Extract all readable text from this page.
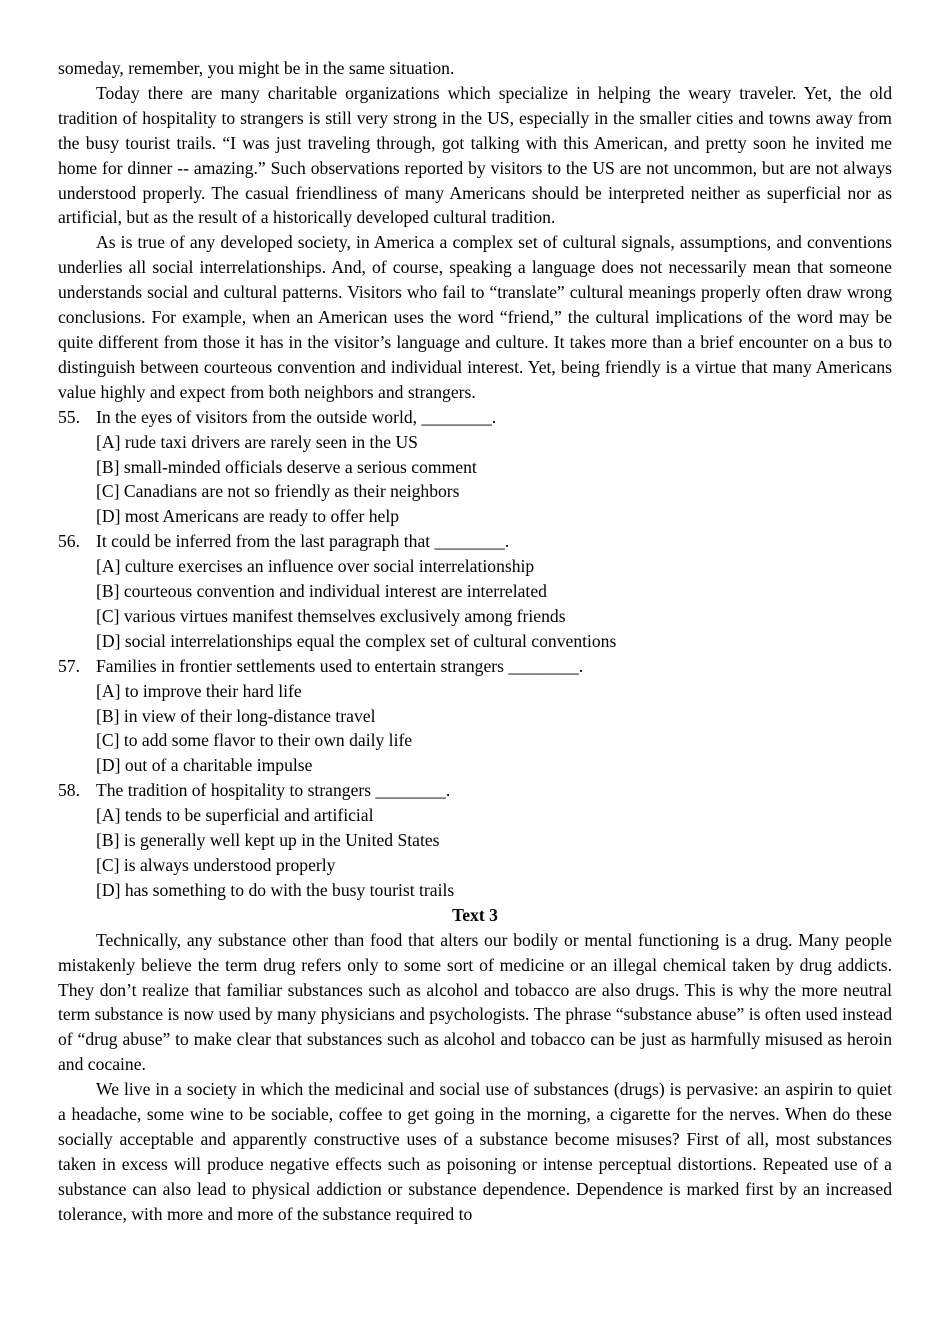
someday, remember, you might be in the same situation.

Today there are many charitable organizations which specialize in helping the weary traveler. Yet, the old tradition of hospitality to strangers is still very strong in the US, especially in the smaller cities and towns away from the busy tourist trails. “I was just traveling through, got talking with this American, and pretty soon he invited me home for dinner -- amazing.” Such observations reported by visitors to the US are not uncommon, but are not always understood properly. The casual friendliness of many Americans should be interpreted neither as superficial nor as artificial, but as the result of a historically developed cultural tradition.

As is true of any developed society, in America a complex set of cultural signals, assumptions, and conventions underlies all social interrelationships. And, of course, speaking a language does not necessarily mean that someone understands social and cultural patterns. Visitors who fail to “translate” cultural meanings properly often draw wrong conclusions. For example, when an American uses the word “friend,” the cultural implications of the word may be quite different from those it has in the visitor’s language and culture. It takes more than a brief encounter on a bus to distinguish between courteous convention and individual interest. Yet, being friendly is a virtue that many Americans value highly and expect from both neighbors and strangers.

55. In the eyes of visitors from the outside world, ________.

[A] rude taxi drivers are rarely seen in the US

[B] small-minded officials deserve a serious comment

[C] Canadians are not so friendly as their neighbors

[D] most Americans are ready to offer help

56. It could be inferred from the last paragraph that ________.

[A] culture exercises an influence over social interrelationship

[B] courteous convention and individual interest are interrelated

[C] various virtues manifest themselves exclusively among friends

[D] social interrelationships equal the complex set of cultural conventions

57. Families in frontier settlements used to entertain strangers ________.

[A] to improve their hard life

[B] in view of their long-distance travel

[C] to add some flavor to their own daily life

[D] out of a charitable impulse

58. The tradition of hospitality to strangers ________.

[A] tends to be superficial and artificial

[B] is generally well kept up in the United States

[C] is always understood properly

[D] has something to do with the busy tourist trails

Text 3

Technically, any substance other than food that alters our bodily or mental functioning is a drug. Many people mistakenly believe the term drug refers only to some sort of medicine or an illegal chemical taken by drug addicts. They don’t realize that familiar substances such as alcohol and tobacco are also drugs. This is why the more neutral term substance is now used by many physicians and psychologists. The phrase “substance abuse” is often used instead of “drug abuse” to make clear that substances such as alcohol and tobacco can be just as harmfully misused as heroin and cocaine.

We live in a society in which the medicinal and social use of substances (drugs) is pervasive: an aspirin to quiet a headache, some wine to be sociable, coffee to get going in the morning, a cigarette for the nerves. When do these socially acceptable and apparently constructive uses of a substance become misuses? First of all, most substances taken in excess will produce negative effects such as poisoning or intense perceptual distortions. Repeated use of a substance can also lead to physical addiction or substance dependence. Dependence is marked first by an increased tolerance, with more and more of the substance required to
